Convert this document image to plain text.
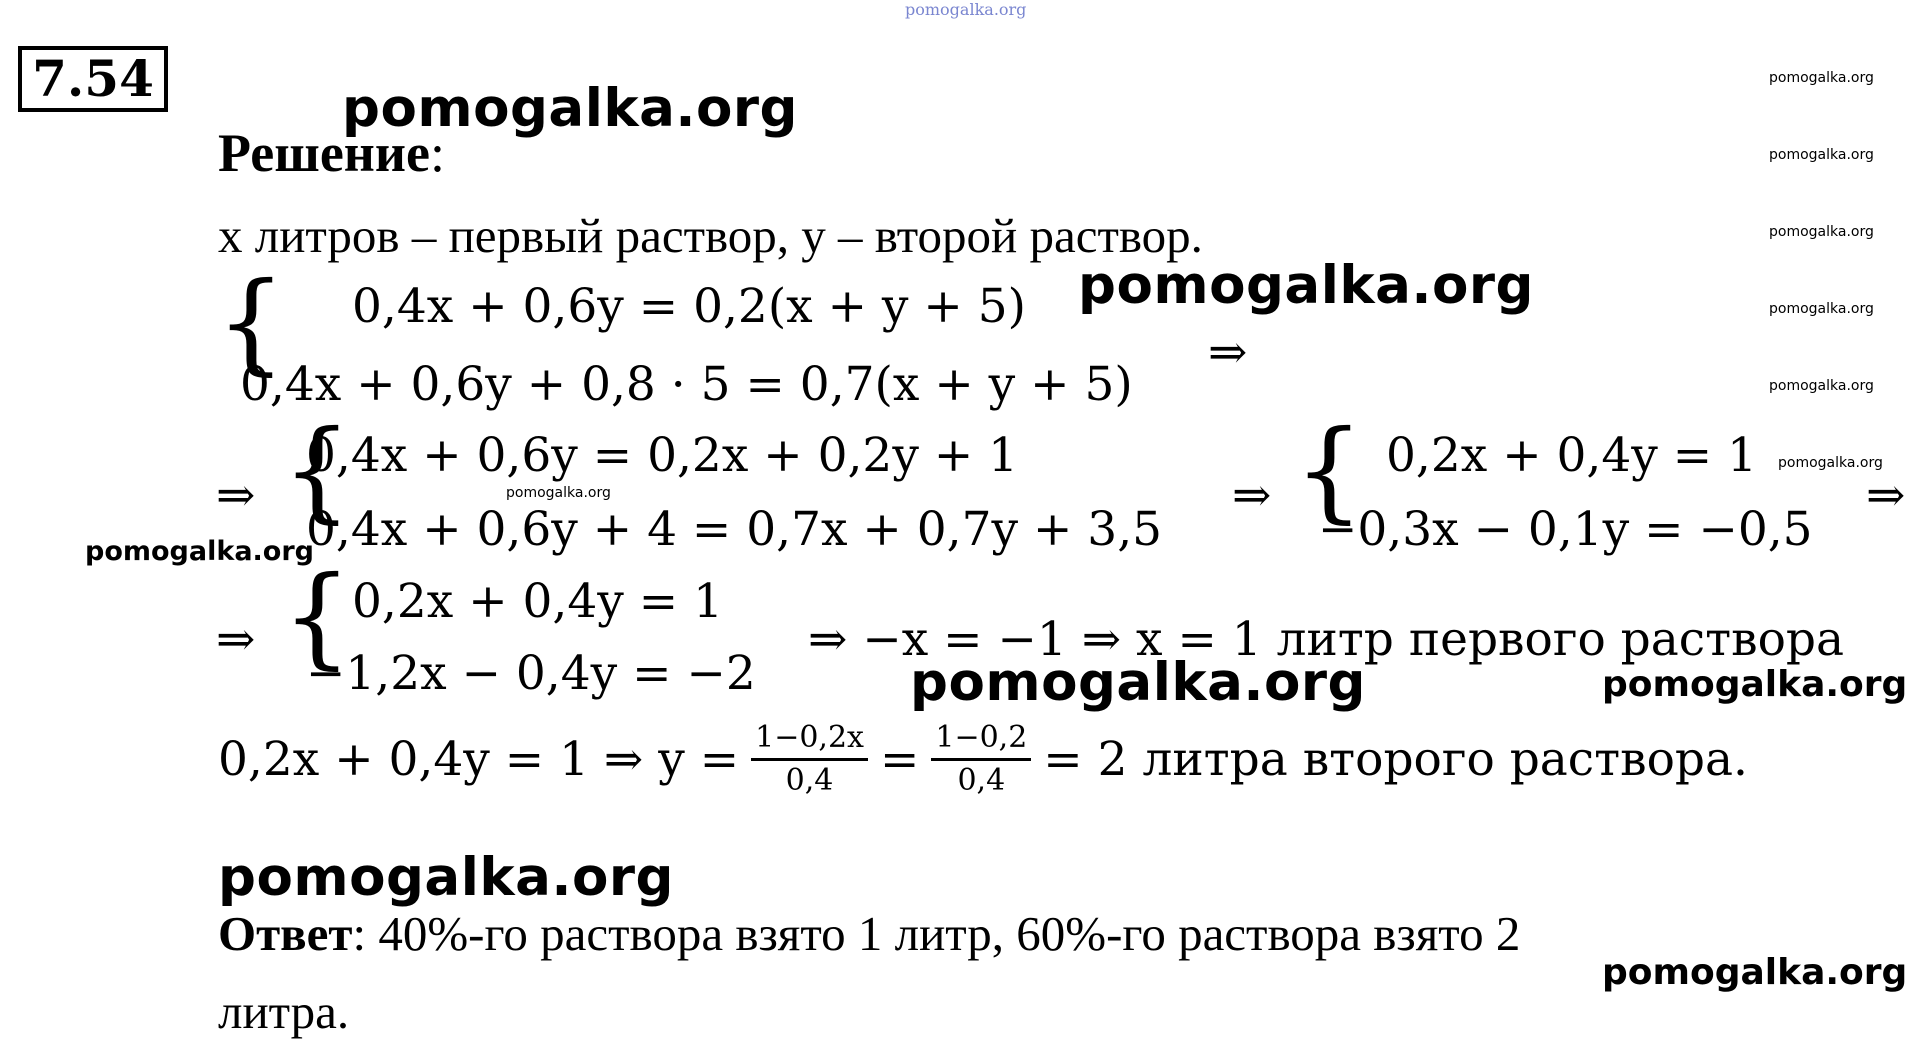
pomogalka.org
7.54	pomogalka.org
pomogalka.org
pomogalka.org
pomogalka.org
pomogalka.org
pomogalka.org
pomogalka.org
pomogalka.org
pomogalka.org
pomogalka.org
pomogalka.org
pomogalka.org
pomogalka.org
pomogalka.org
Решение:
x литров – первый раствор, y – второй раствор.
{ 0,4x + 0,6y = 0,2(x + y + 5)
0,4x + 0,6y + 0,8 · 5 = 0,7(x + y + 5)
⇒
⇒ {
0,4x + 0,6y = 0,2x + 0,2y + 1
0,4x + 0,6y + 4 = 0,7x + 0,7y + 3,5
⇒ { 0,2x + 0,4y = 1
−0,3x − 0,1y = −0,5
⇒
⇒ { 0,2x + 0,4y = 1
−1,2x − 0,4y = −2
⇒ −x = −1 ⇒ x = 1 литр первого раствора
0,2x + 0,4y = 1 ⇒ $y = \frac{1-0,2x}{0,4} = \frac{1-0,2}{0,4} = 2$ литра второго раствора.
Ответ: 40%-го раствора взято 1 литр, 60%-го раствора взято 2
литра.
